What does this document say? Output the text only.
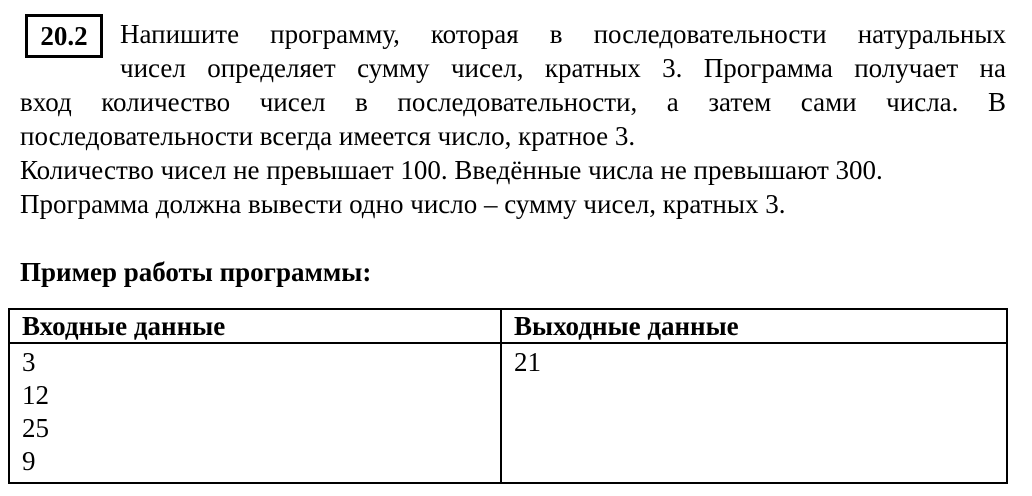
20.2	Напишите программу, которая в последовательности натуральных
чисел определяет сумму чисел, кратных 3. Программа получает на
вход количество чисел в последовательности, а затем сами числа. В
последовательности всегда имеется число, кратное 3.
Количество чисел не превышает 100. Введённые числа не превышают 300.
Программа должна вывести одно число – сумму чисел, кратных 3.
Пример работы программы:
Входные данные	Выходные данные

3
12
25
9	21
